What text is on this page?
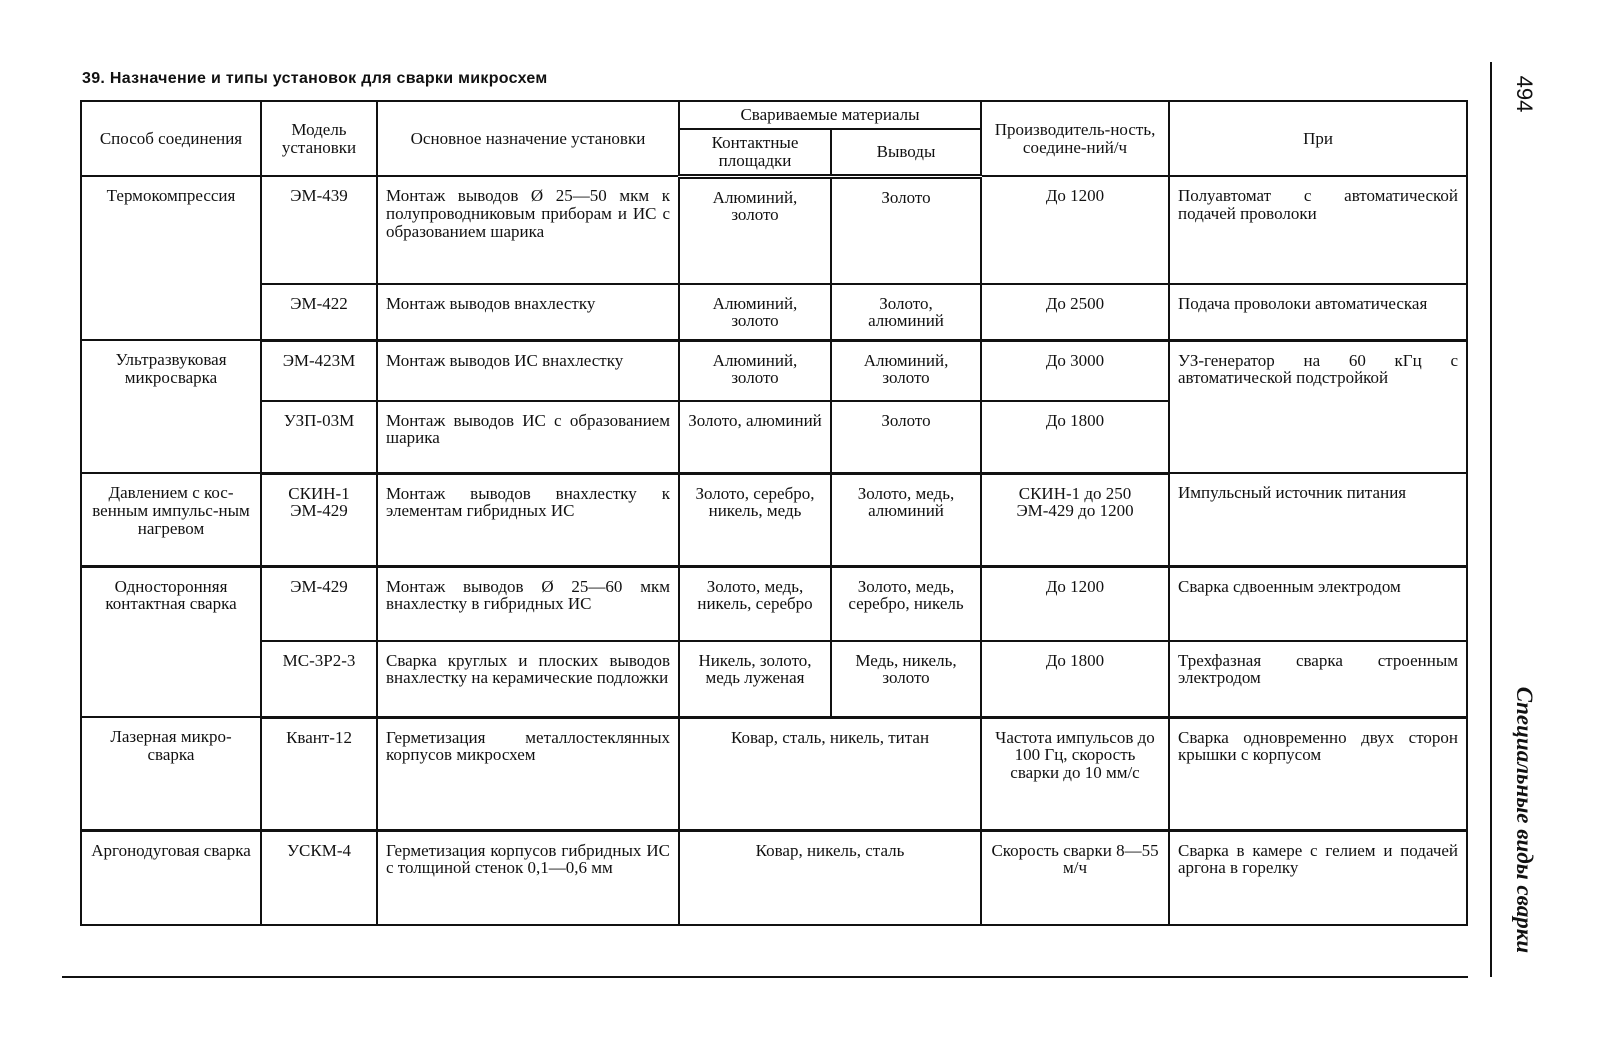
39. Назначение и типы установок для сварки микросхем	494
Специальные виды сварки
Способ соединения	Модель установки	Основное назначение установки	Свариваемые материалы		Производитель-ность, соедине-ний/ч	При
			Контактные площадки	Выводы		
Термокомпрессия	ЭМ-439	Монтаж выводов Ø 25—50 мкм к полупроводниковым приборам и ИС с образованием шарика	Алюминий, золото	Золото	До 1200	Полуавтомат с автоматической подачей проволоки
	ЭМ-422	Монтаж выводов внахлестку	Алюминий, золото	Золото, алюминий	До 2500	Подача проволоки автоматическая
Ультразвуковая микросварка	ЭМ-423М	Монтаж выводов ИС внахлестку	Алюминий, золото	Алюминий, золото	До 3000	УЗ-генератор на 60 кГц с автоматической подстройкой
	УЗП-03М	Монтаж выводов ИС с образованием шарика	Золото, алюминий	Золото	До 1800	
Давлением с кос-венным импульс-ным нагревом	СКИН-1 ЭМ-429	Монтаж выводов внахлестку к элементам гибридных ИС	Золото, серебро, никель, медь	Золото, медь, алюминий	СКИН-1 до 250 ЭМ-429 до 1200	Импульсный источник питания
Односторонняя контактная сварка	ЭМ-429	Монтаж выводов Ø 25—60 мкм внахлестку в гибридных ИС	Золото, медь, никель, серебро	Золото, медь, серебро, никель	До 1200	Сварка сдвоенным электродом
	МС-3Р2-3	Сварка круглых и плоских выводов внахлестку на керамические подложки	Никель, золото, медь луженая	Медь, никель, золото	До 1800	Трехфазная сварка строенным электродом
Лазерная микро-сварка	Квант-12	Герметизация металлостеклянных корпусов микросхем	Ковар, сталь, никель, титан		Частота импульсов до 100 Гц, скорость сварки до 10 мм/с	Сварка одновременно двух сторон крышки с корпусом
Аргонодуговая сварка	УСКМ-4	Герметизация корпусов гибридных ИС с толщиной стенок 0,1—0,6 мм	Ковар, никель, сталь		Скорость сварки 8—55 м/ч	Сварка в камере с гелием и подачей аргона в горелку
